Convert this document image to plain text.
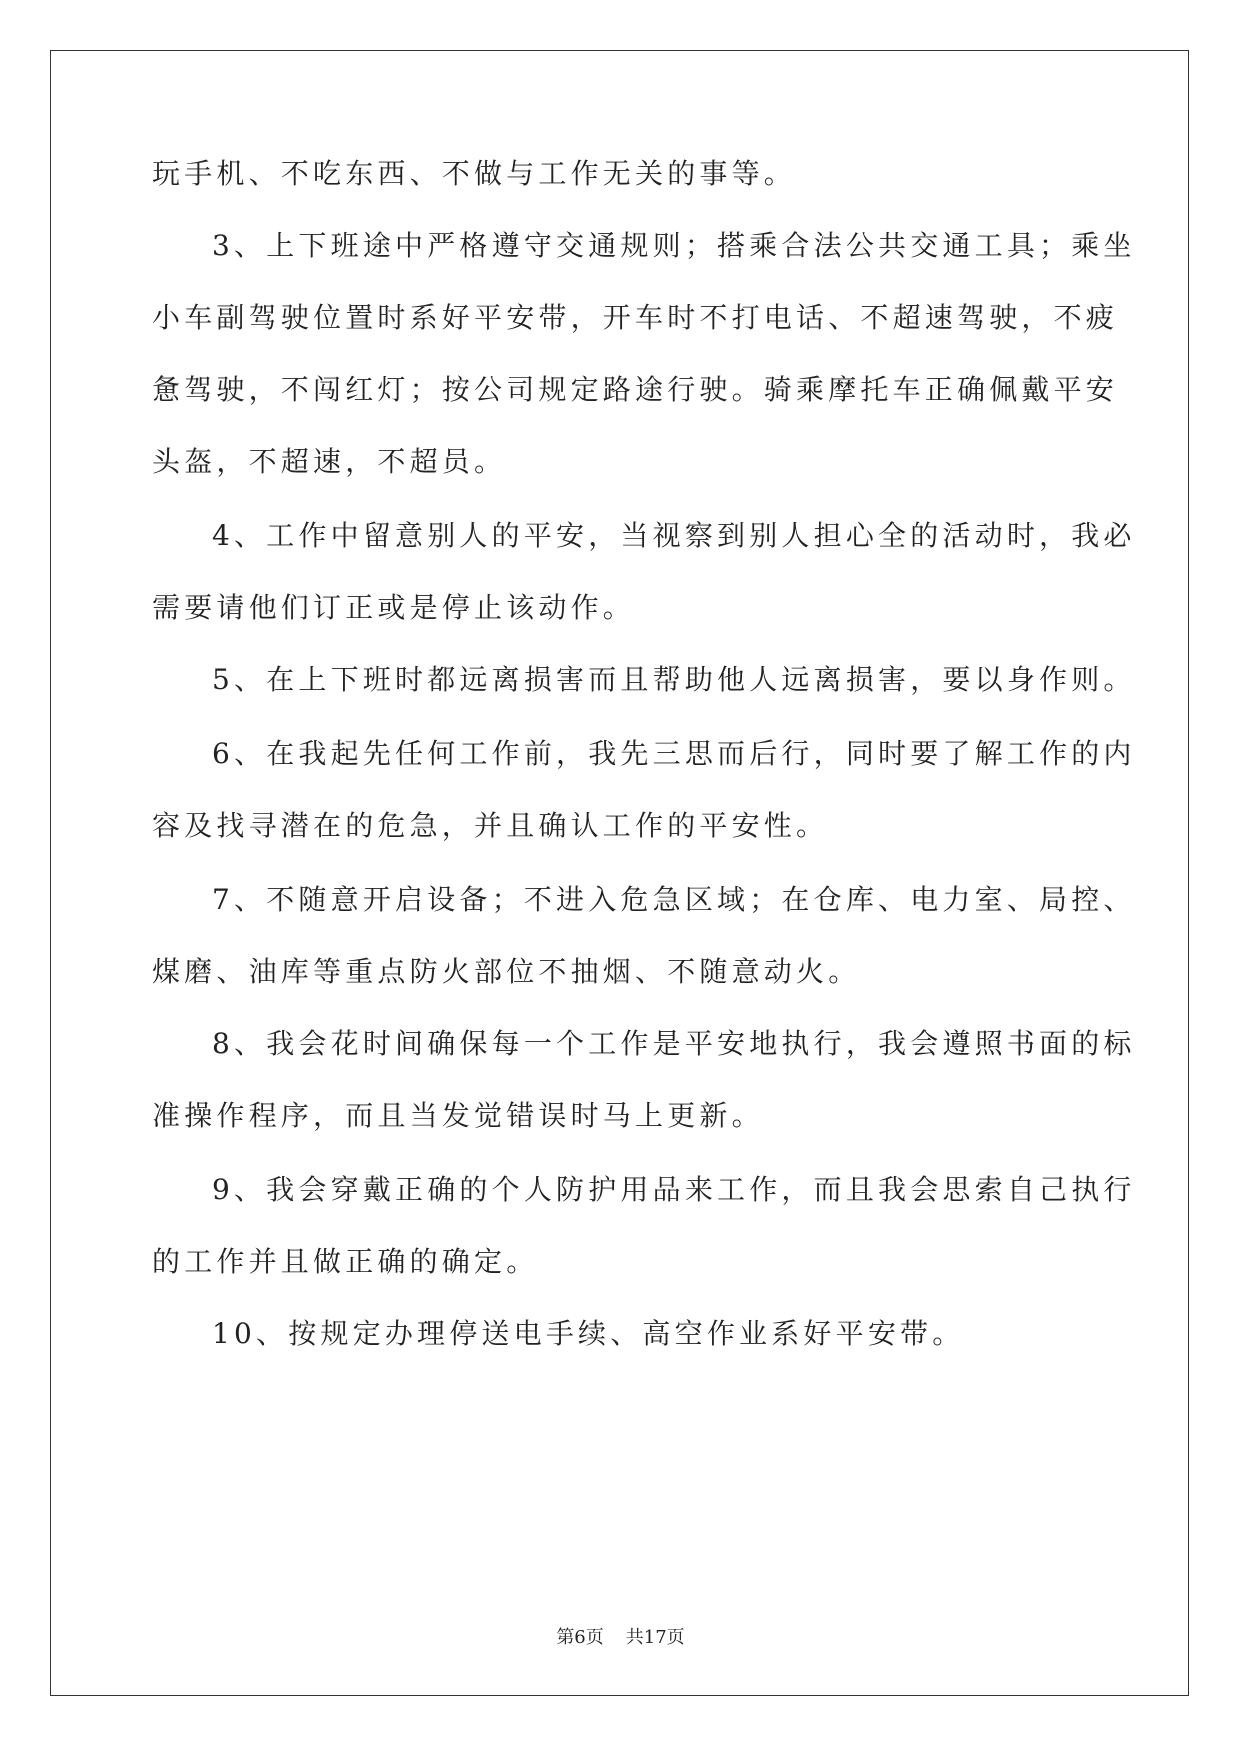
玩手机、不吃东西、不做与工作无关的事等。
3、上下班途中严格遵守交通规则；搭乘合法公共交通工具；乘坐
小车副驾驶位置时系好平安带，开车时不打电话、不超速驾驶，不疲
惫驾驶，不闯红灯；按公司规定路途行驶。骑乘摩托车正确佩戴平安
头盔，不超速，不超员。
4、工作中留意别人的平安，当视察到别人担心全的活动时，我必
需要请他们订正或是停止该动作。
5、在上下班时都远离损害而且帮助他人远离损害，要以身作则。
6、在我起先任何工作前，我先三思而后行，同时要了解工作的内
容及找寻潜在的危急，并且确认工作的平安性。
7、不随意开启设备；不进入危急区域；在仓库、电力室、局控、
煤磨、油库等重点防火部位不抽烟、不随意动火。
8、我会花时间确保每一个工作是平安地执行，我会遵照书面的标
准操作程序，而且当发觉错误时马上更新。
9、我会穿戴正确的个人防护用品来工作，而且我会思索自己执行
的工作并且做正确的确定。
10、按规定办理停送电手续、高空作业系好平安带。
第6页 共17页
